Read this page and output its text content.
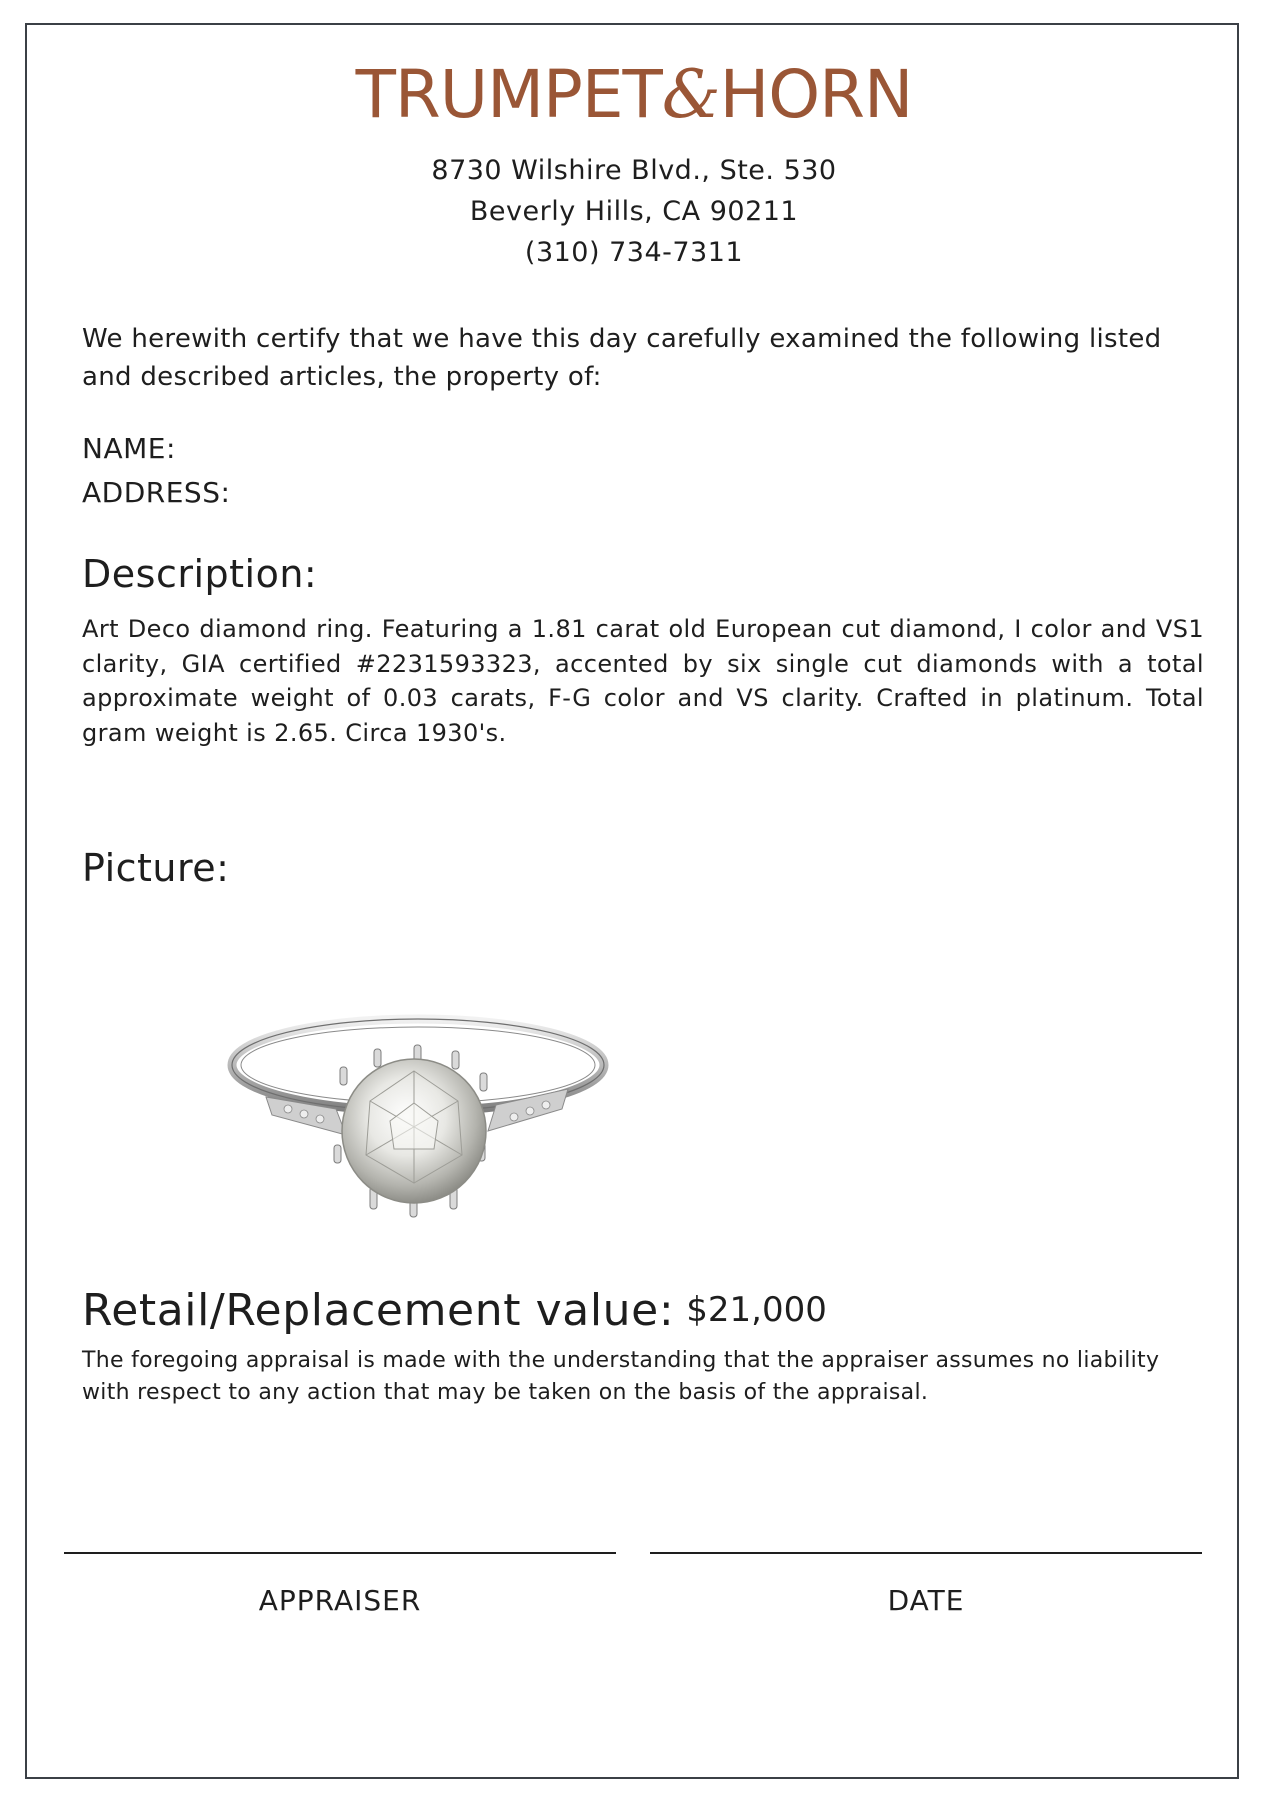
TRUMPET&HORN
8730 Wilshire Blvd., Ste. 530
Beverly Hills, CA 90211
(310) 734-7311
We herewith certify that we have this day carefully examined the following listed and described articles, the property of:
NAME:
ADDRESS:
Description:
Art Deco diamond ring. Featuring a 1.81 carat old European cut diamond, I color and VS1 clarity, GIA certified #2231593323, accented by six single cut diamonds with a total approximate weight of 0.03 carats, F-G color and VS clarity. Crafted in platinum. Total gram weight is 2.65. Circa 1930's.
Picture:
Retail/Replacement value: $21,000
The foregoing appraisal is made with the understanding that the appraiser assumes no liability with respect to any action that may be taken on the basis of the appraisal.
APPRAISER	DATE
